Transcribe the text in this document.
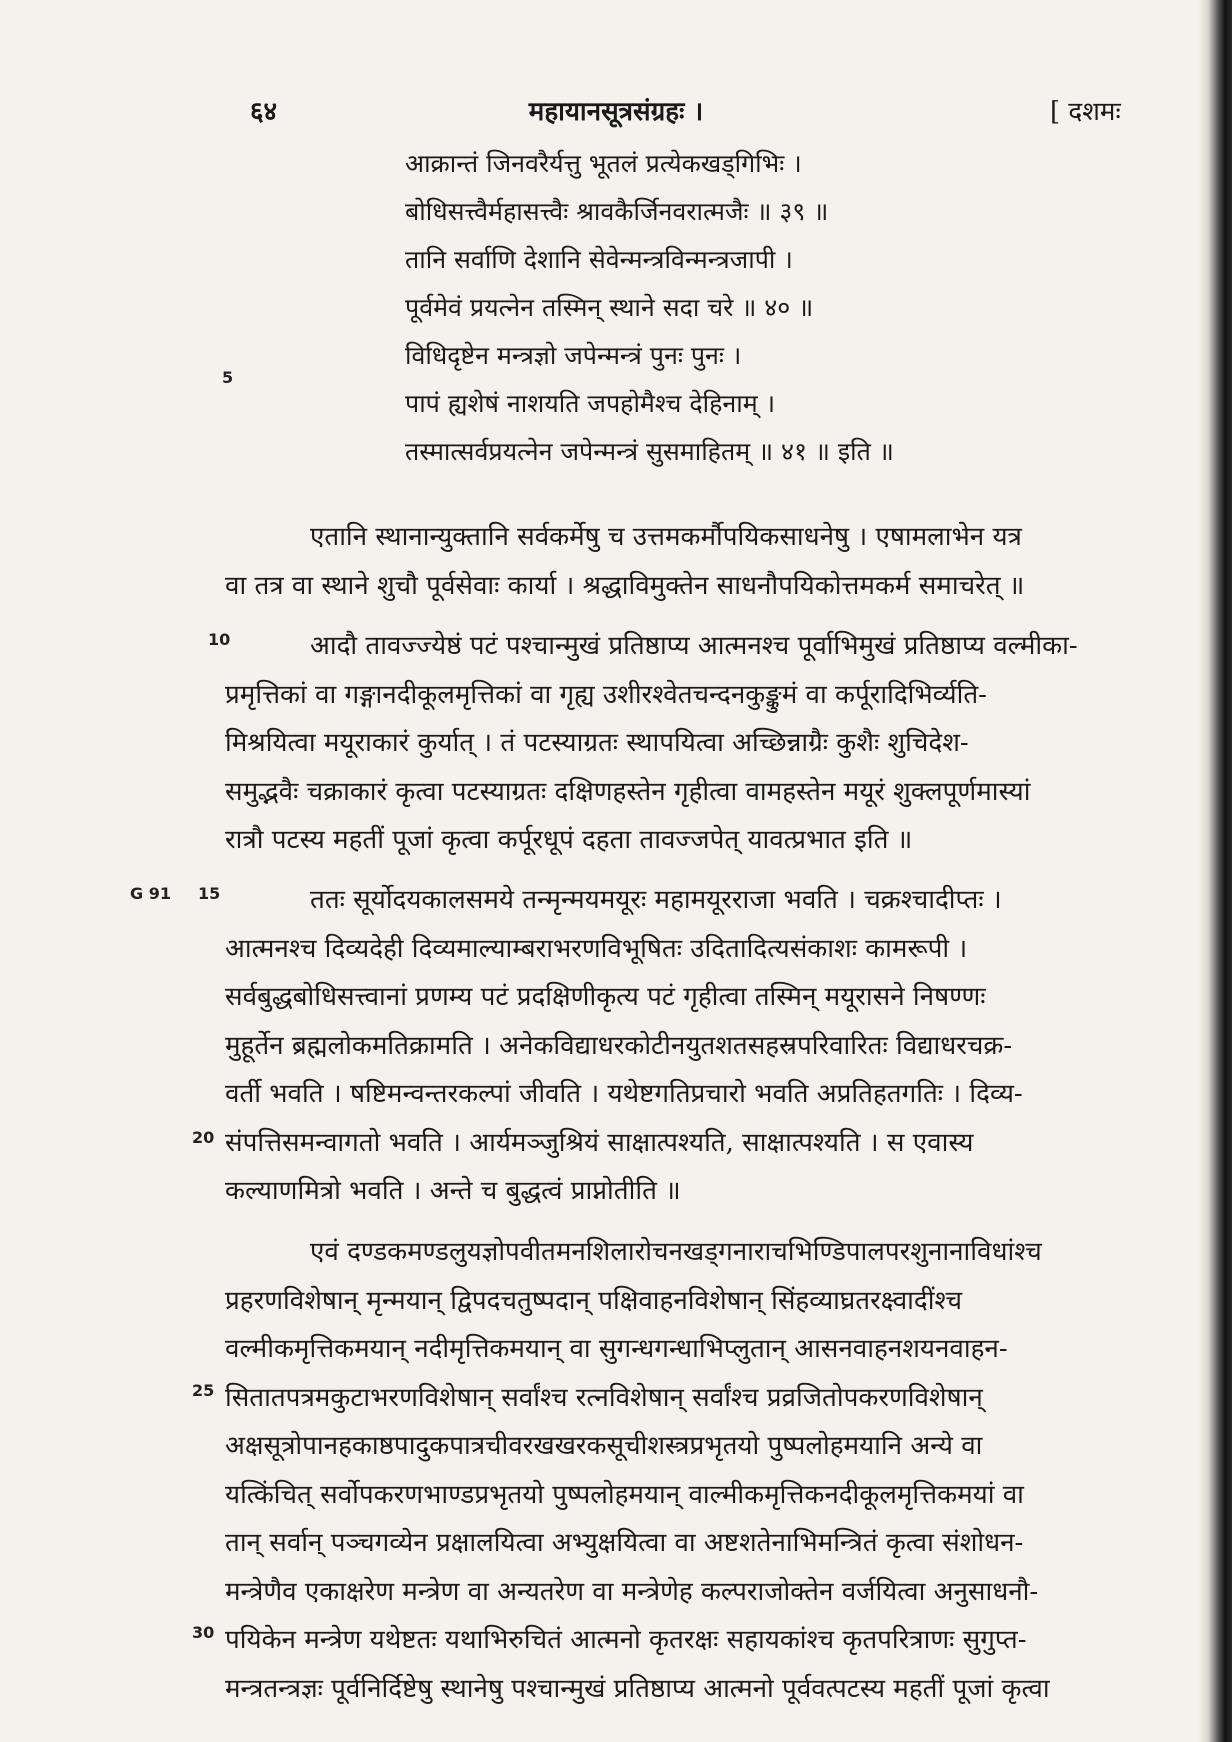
६४	महायानसूत्रसंग्रहः ।	[ दशमः
आक्रान्तं जिनवरैर्यत्तु भूतलं प्रत्येकखड्गिभिः ।
बोधिसत्त्वैर्महासत्त्वैः श्रावकैर्जिनवरात्मजैः ॥ ३९ ॥
तानि सर्वाणि देशानि सेवेन्मन्त्रविन्मन्त्रजापी ।
पूर्वमेवं प्रयत्नेन तस्मिन् स्थाने सदा चरे ॥ ४० ॥
विधिदृष्टेन मन्त्रज्ञो जपेन्मन्त्रं पुनः पुनः ।
पापं ह्यशेषं नाशयति जपहोमैश्च देहिनाम् ।
तस्मात्सर्वप्रयत्नेन जपेन्मन्त्रं सुसमाहितम् ॥ ४१ ॥ इति ॥
5
एतानि स्थानान्युक्तानि सर्वकर्मेषु च उत्तमकर्मौपयिकसाधनेषु । एषामलाभेन यत्र
वा तत्र वा स्थाने शुचौ पूर्वसेवाः कार्या । श्रद्धाविमुक्तेन साधनौपयिकोत्तमकर्म समाचरेत् ॥
10	आदौ तावज्ज्येष्ठं पटं पश्चान्मुखं प्रतिष्ठाप्य आत्मनश्च पूर्वाभिमुखं प्रतिष्ठाप्य वल्मीका-
प्रमृत्तिकां वा गङ्गानदीकूलमृत्तिकां वा गृह्य उशीरश्वेतचन्दनकुङ्कुमं वा कर्पूरादिभिर्व्यति-
मिश्रयित्वा मयूराकारं कुर्यात् । तं पटस्याग्रतः स्थापयित्वा अच्छिन्नाग्रैः कुशैः शुचिदेश-
समुद्भवैः चक्राकारं कृत्वा पटस्याग्रतः दक्षिणहस्तेन गृहीत्वा वामहस्तेन मयूरं शुक्लपूर्णमास्यां
रात्रौ पटस्य महतीं पूजां कृत्वा कर्पूरधूपं दहता तावज्जपेत् यावत्प्रभात इति ॥
G 91 15	ततः सूर्योदयकालसमये तन्मृन्मयमयूरः महामयूरराजा भवति । चक्रश्चादीप्तः ।
आत्मनश्च दिव्यदेही दिव्यमाल्याम्बराभरणविभूषितः उदितादित्यसंकाशः कामरूपी ।
सर्वबुद्धबोधिसत्त्वानां प्रणम्य पटं प्रदक्षिणीकृत्य पटं गृहीत्वा तस्मिन् मयूरासने निषण्णः
मुहूर्तेन ब्रह्मलोकमतिक्रामति । अनेकविद्याधरकोटीनयुतशतसहस्रपरिवारितः विद्याधरचक्र-
वर्ती भवति । षष्टिमन्वन्तरकल्पां जीवति । यथेष्टगतिप्रचारो भवति अप्रतिहतगतिः । दिव्य-
संपत्तिसमन्वागतो भवति । आर्यमञ्जुश्रियं साक्षात्पश्यति, साक्षात्पश्यति । स एवास्य
कल्याणमित्रो भवति । अन्ते च बुद्धत्वं प्राप्नोतीति ॥
20
एवं दण्डकमण्डलुयज्ञोपवीतमनशिलारोचनखड्गनाराचभिण्डिपालपरशुनानाविधांश्च
प्रहरणविशेषान् मृन्मयान् द्विपदचतुष्पदान् पक्षिवाहनविशेषान् सिंहव्याघ्रतरक्ष्वादींश्च
वल्मीकमृत्तिकमयान् नदीमृत्तिकमयान् वा सुगन्धगन्धाभिप्लुतान् आसनवाहनशयनवाहन-
सितातपत्रमकुटाभरणविशेषान् सर्वांश्च रत्नविशेषान् सर्वांश्च प्रव्रजितोपकरणविशेषान्
अक्षसूत्रोपानहकाष्ठपादुकपात्रचीवरखखरकसूचीशस्त्रप्रभृतयो पुष्पलोहमयानि अन्ये वा
यत्किंचित् सर्वोपकरणभाण्डप्रभृतयो पुष्पलोहमयान् वाल्मीकमृत्तिकनदीकूलमृत्तिकमयां वा
तान् सर्वान् पञ्चगव्येन प्रक्षालयित्वा अभ्युक्षयित्वा वा अष्टशतेनाभिमन्त्रितं कृत्वा संशोधन-
मन्त्रेणैव एकाक्षरेण मन्त्रेण वा अन्यतरेण वा मन्त्रेणेह कल्पराजोक्तेन वर्जयित्वा अनुसाधनौ-
पयिकेन मन्त्रेण यथेष्टतः यथाभिरुचितं आत्मनो कृतरक्षः सहायकांश्च कृतपरित्राणः सुगुप्त-
मन्त्रतन्त्रज्ञः पूर्वनिर्दिष्टेषु स्थानेषु पश्चान्मुखं प्रतिष्ठाप्य आत्मनो पूर्ववत्पटस्य महतीं पूजां कृत्वा
25
30
